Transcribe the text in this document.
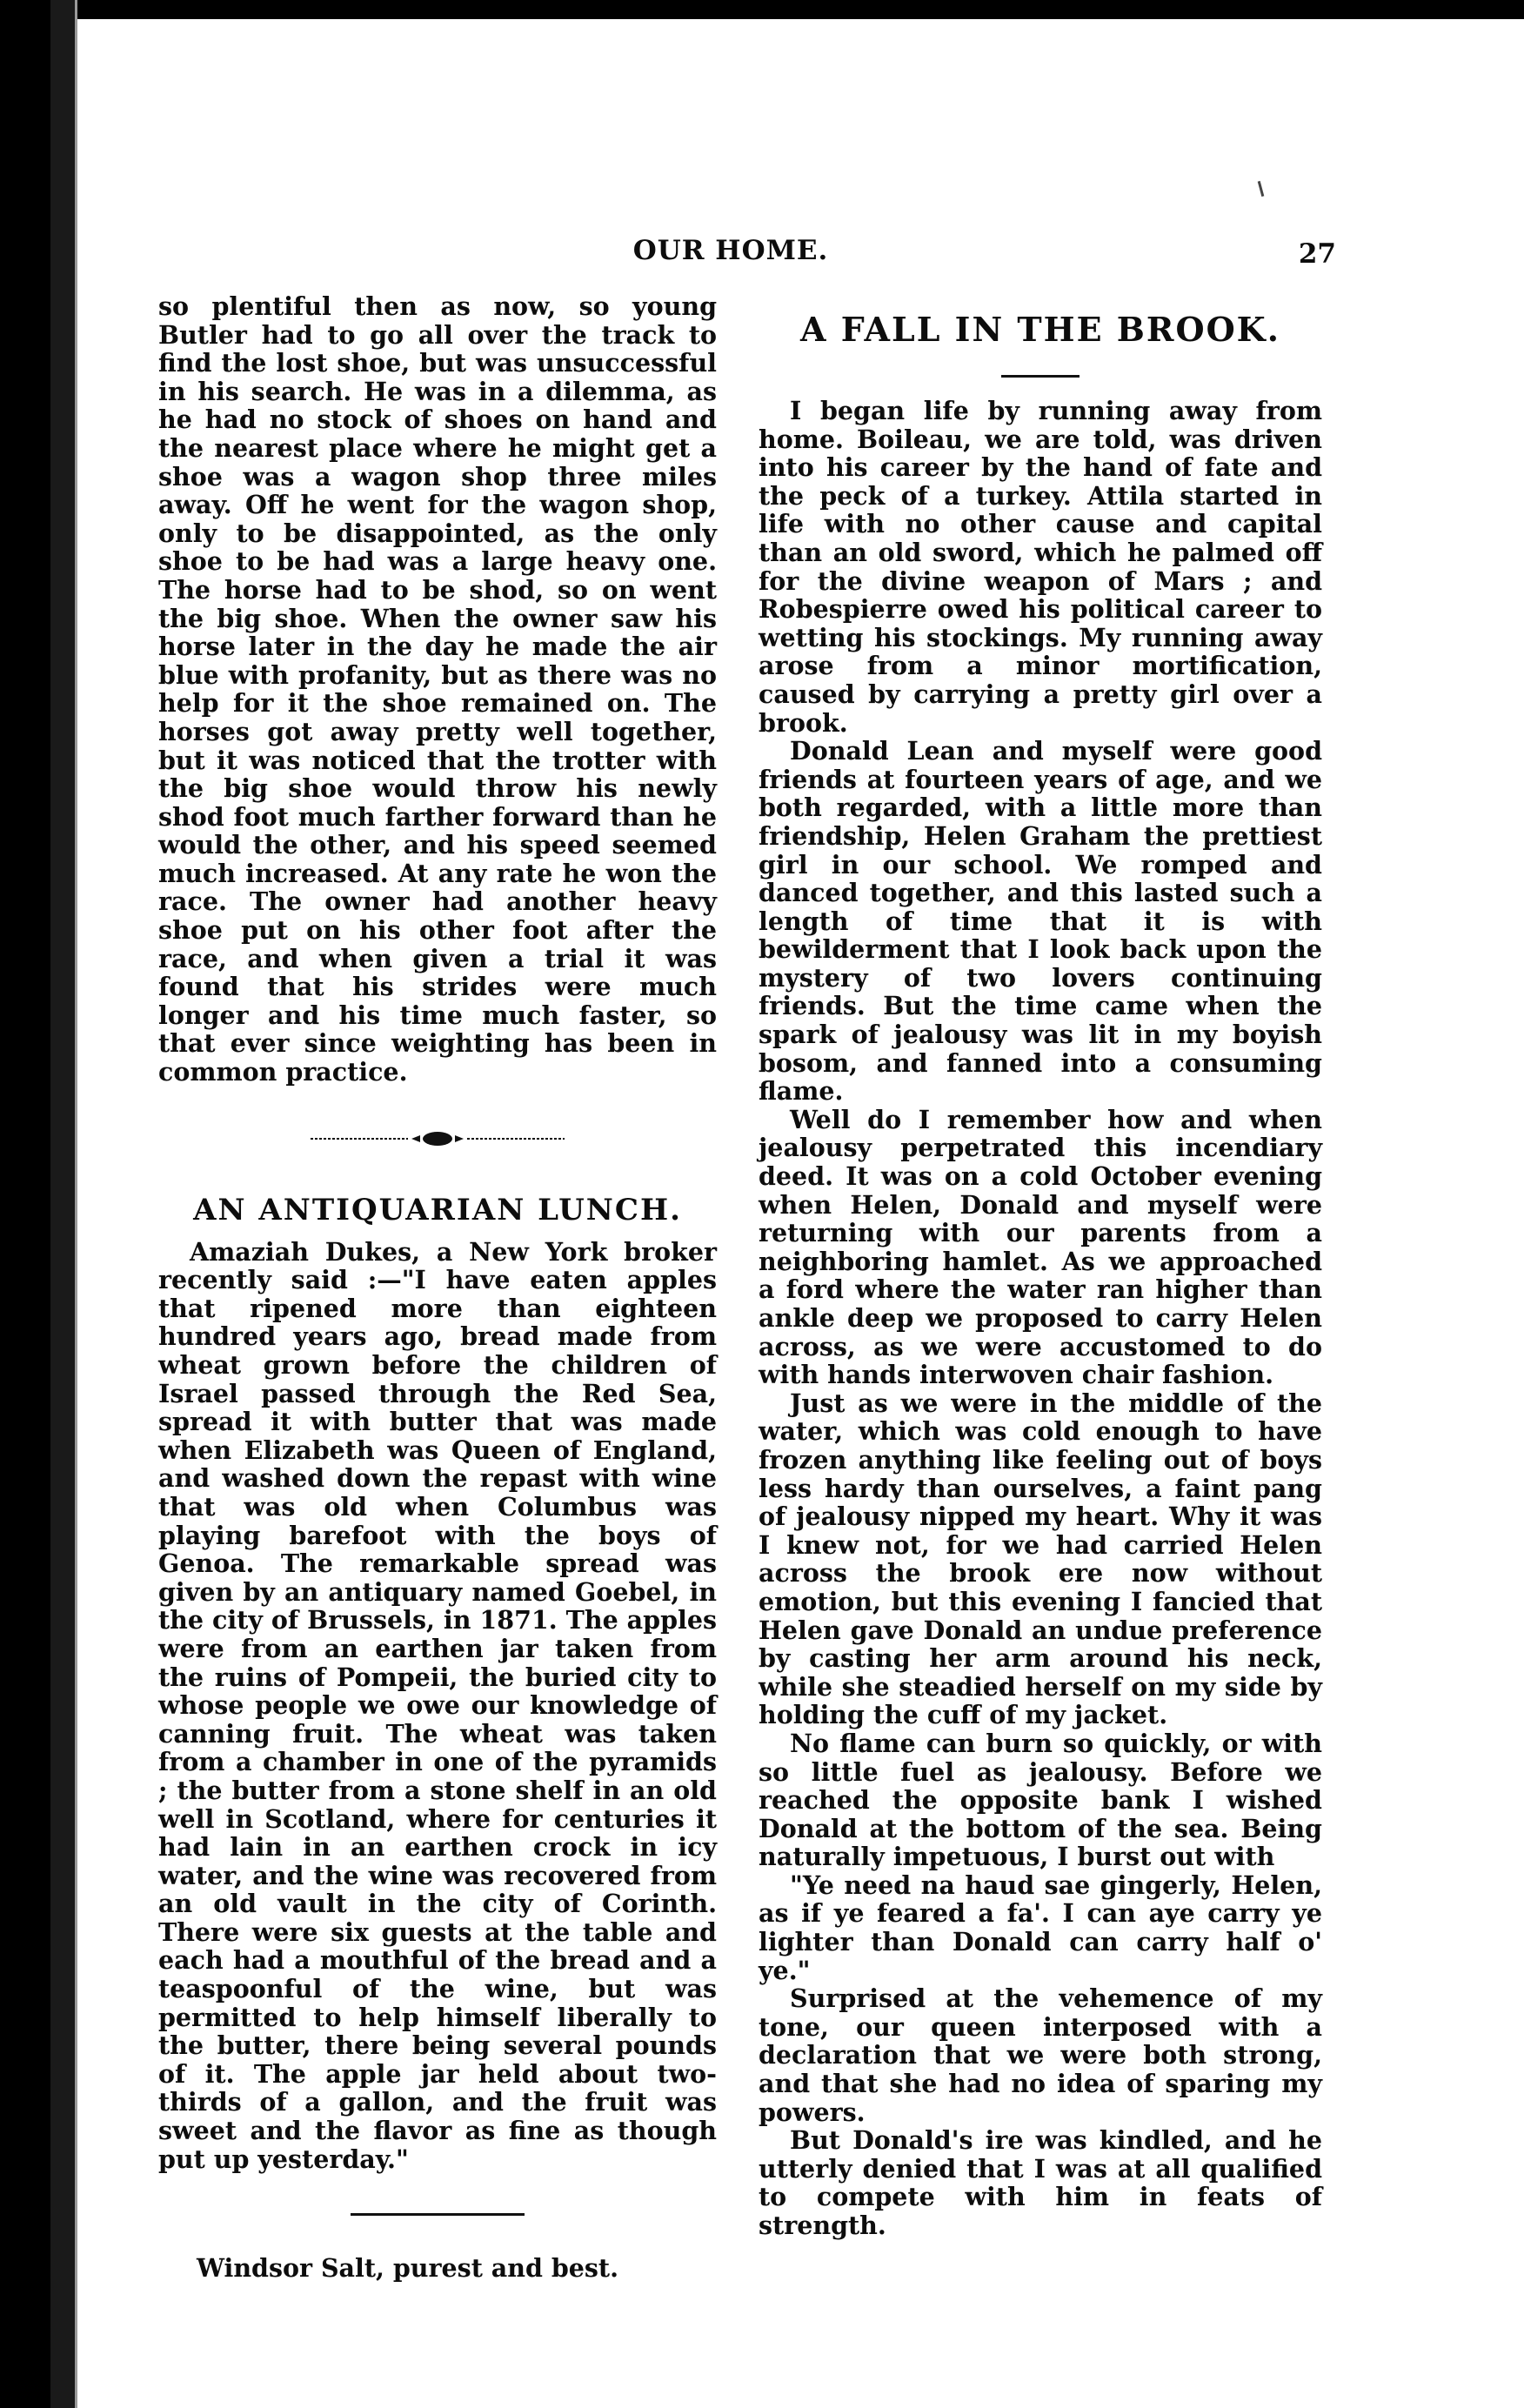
OUR HOME.	27

so plentiful then as now, so young Butler had to go all over the track to find the lost shoe, but was unsuccessful in his search. He was in a dilemma, as he had no stock of shoes on hand and the nearest place where he might get a shoe was a wagon shop three miles away. Off he went for the wagon shop, only to be disappointed, as the only shoe to be had was a large heavy one. The horse had to be shod, so on went the big shoe. When the owner saw his horse later in the day he made the air blue with profanity, but as there was no help for it the shoe remained on. The horses got away pretty well together, but it was noticed that the trotter with the big shoe would throw his newly shod foot much farther forward than he would the other, and his speed seemed much increased. At any rate he won the race. The owner had another heavy shoe put on his other foot after the race, and when given a trial it was found that his strides were much longer and his time much faster, so that ever since weighting has been in common practice.

AN ANTIQUARIAN LUNCH.

Amaziah Dukes, a New York broker recently said :—"I have eaten apples that ripened more than eighteen hundred years ago, bread made from wheat grown before the children of Israel passed through the Red Sea, spread it with butter that was made when Elizabeth was Queen of England, and washed down the repast with wine that was old when Columbus was playing barefoot with the boys of Genoa. The remarkable spread was given by an antiquary named Goebel, in the city of Brussels, in 1871. The apples were from an earthen jar taken from the ruins of Pompeii, the buried city to whose people we owe our knowledge of canning fruit. The wheat was taken from a chamber in one of the pyramids ; the butter from a stone shelf in an old well in Scotland, where for centuries it had lain in an earthen crock in icy water, and the wine was recovered from an old vault in the city of Corinth. There were six guests at the table and each had a mouthful of the bread and a teaspoonful of the wine, but was permitted to help himself liberally to the butter, there being several pounds of it. The apple jar held about two-thirds of a gallon, and the fruit was sweet and the flavor as fine as though put up yesterday."

Windsor Salt, purest and best.

A FALL IN THE BROOK.

I began life by running away from home. Boileau, we are told, was driven into his career by the hand of fate and the peck of a turkey. Attila started in life with no other cause and capital than an old sword, which he palmed off for the divine weapon of Mars ; and Robespierre owed his political career to wetting his stockings. My running away arose from a minor mortification, caused by carrying a pretty girl over a brook.

Donald Lean and myself were good friends at fourteen years of age, and we both regarded, with a little more than friendship, Helen Graham the prettiest girl in our school. We romped and danced together, and this lasted such a length of time that it is with bewilderment that I look back upon the mystery of two lovers continuing friends. But the time came when the spark of jealousy was lit in my boyish bosom, and fanned into a consuming flame.

Well do I remember how and when jealousy perpetrated this incendiary deed. It was on a cold October evening when Helen, Donald and myself were returning with our parents from a neighboring hamlet. As we approached a ford where the water ran higher than ankle deep we proposed to carry Helen across, as we were accustomed to do with hands interwoven chair fashion.

Just as we were in the middle of the water, which was cold enough to have frozen anything like feeling out of boys less hardy than ourselves, a faint pang of jealousy nipped my heart. Why it was I knew not, for we had carried Helen across the brook ere now without emotion, but this evening I fancied that Helen gave Donald an undue preference by casting her arm around his neck, while she steadied herself on my side by holding the cuff of my jacket.

No flame can burn so quickly, or with so little fuel as jealousy. Before we reached the opposite bank I wished Donald at the bottom of the sea. Being naturally impetuous, I burst out with

"Ye need na haud sae gingerly, Helen, as if ye feared a fa'. I can aye carry ye lighter than Donald can carry half o' ye."

Surprised at the vehemence of my tone, our queen interposed with a declaration that we were both strong, and that she had no idea of sparing my powers.

But Donald's ire was kindled, and he utterly denied that I was at all qualified to compete with him in feats of strength.
